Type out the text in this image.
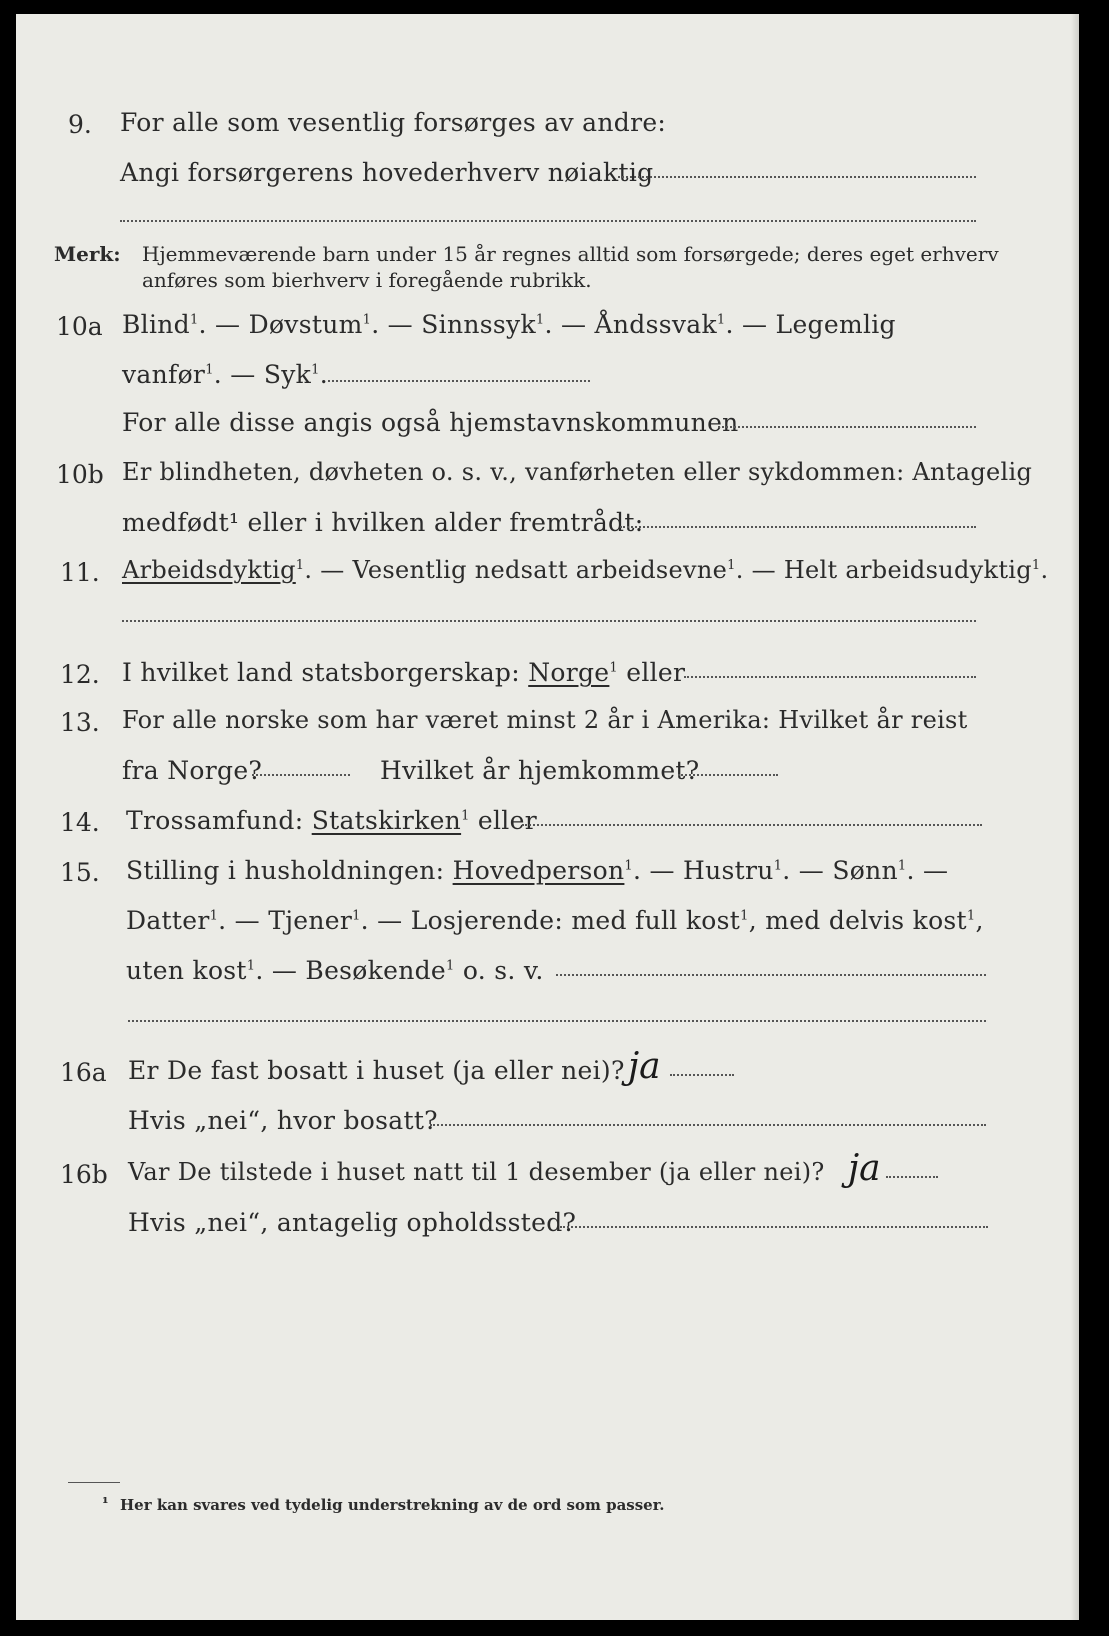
9. For alle som vesentlig forsørges av andre:
Angi forsørgerens hovederhverv nøiaktig
Merk: Hjemmeværende barn under 15 år regnes alltid som forsørgede; deres eget erhverv
anføres som bierhverv i foregående rubrikk.
10a Blind$^1$. — Døvstum$^1$. — Sinnssyk$^1$. — Åndssvak$^1$. — Legemlig
vanfør$^1$. — Syk$^1$.
For alle disse angis også hjemstavnskommunen
10b Er blindheten, døvheten o. s. v., vanførheten eller sykdommen: Antagelig
medfødt¹ eller i hvilken alder fremtrådt:
11. Arbeidsdyktig$^1$. — Vesentlig nedsatt arbeidsevne$^1$. — Helt arbeidsudyktig$^1$.
12. I hvilket land statsborgerskap: Norge$^1$ eller
13. For alle norske som har været minst 2 år i Amerika: Hvilket år reist
fra Norge?	Hvilket år hjemkommet?
14. Trossamfund: Statskirken$^1$ eller
15. Stilling i husholdningen: Hovedperson$^1$. — Hustru$^1$. — Sønn$^1$. —
Datter$^1$. — Tjener$^1$. — Losjerende: med full kost$^1$, med delvis kost$^1$,
uten kost$^1$. — Besøkende$^1$ o. s. v.
16a Er De fast bosatt i huset (ja eller nei)? ja
Hvis „nei“, hvor bosatt?
16b Var De tilstede i huset natt til 1 desember (ja eller nei)? ja
Hvis „nei“, antagelig opholdssted?
¹ Her kan svares ved tydelig understrekning av de ord som passer.
